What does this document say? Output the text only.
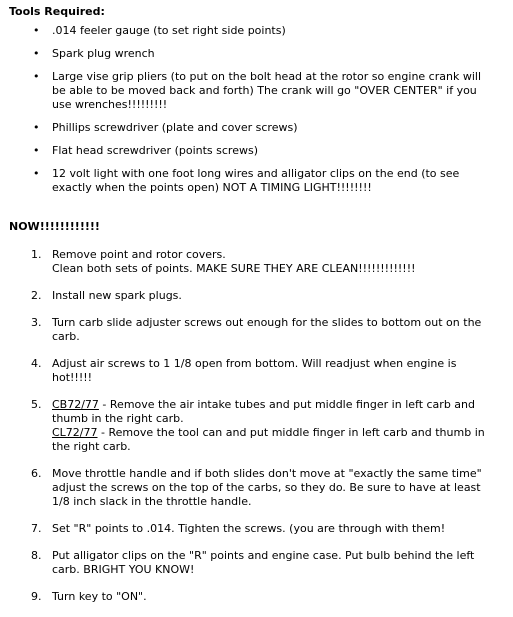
Tools Required:
• .014 feeler gauge (to set right side points)
• Spark plug wrench
• Large vise grip pliers (to put on the bolt head at the rotor so engine crank will be able to be moved back and forth) The crank will go "OVER CENTER" if you use wrenches!!!!!!!!!
• Phillips screwdriver (plate and cover screws)
• Flat head screwdriver (points screws)
• 12 volt light with one foot long wires and alligator clips on the end (to see exactly when the points open) NOT A TIMING LIGHT!!!!!!!!
NOW!!!!!!!!!!!!
1. Remove point and rotor covers.
Clean both sets of points. MAKE SURE THEY ARE CLEAN!!!!!!!!!!!!!
2. Install new spark plugs.
3. Turn carb slide adjuster screws out enough for the slides to bottom out on the carb.
4. Adjust air screws to 1 1/8 open from bottom. Will readjust when engine is hot!!!!!
5. CB72/77 - Remove the air intake tubes and put middle finger in left carb and thumb in the right carb.
CL72/77 - Remove the tool can and put middle finger in left carb and thumb in the right carb.
6. Move throttle handle and if both slides don't move at "exactly the same time" adjust the screws on the top of the carbs, so they do. Be sure to have at least 1/8 inch slack in the throttle handle.
7. Set "R" points to .014. Tighten the screws. (you are through with them!
8. Put alligator clips on the "R" points and engine case. Put bulb behind the left carb. BRIGHT YOU KNOW!
9. Turn key to "ON".
